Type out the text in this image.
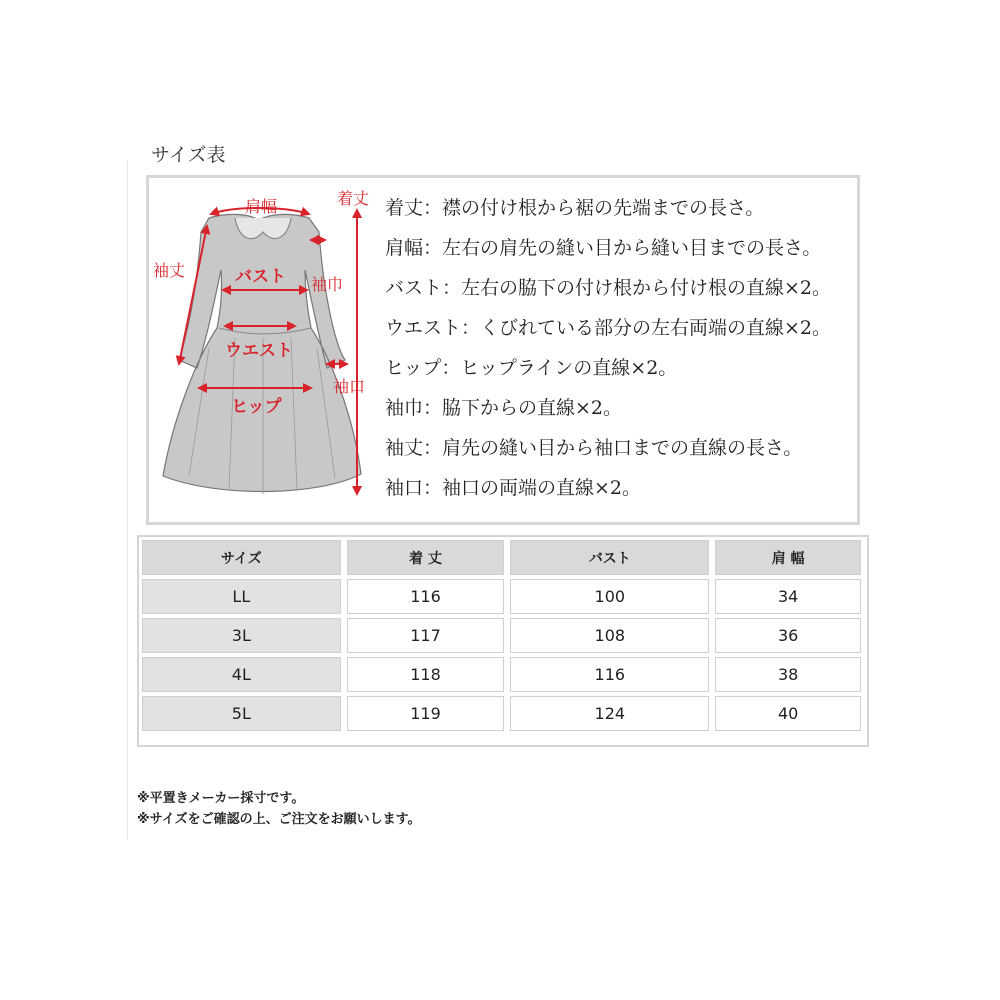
サイズ表
肩幅	着丈
袖丈
袖巾
袖口
バスト
ウエスト
ヒップ
着丈：襟の付け根から裾の先端までの長さ。
肩幅：左右の肩先の縫い目から縫い目までの長さ。
バスト：左右の脇下の付け根から付け根の直線×2。
ウエスト：くびれている部分の左右両端の直線×2。
ヒップ：ヒップラインの直線×2。
袖巾：脇下からの直線×2。
袖丈：肩先の縫い目から袖口までの直線の長さ。
袖口：袖口の両端の直線×2。
サイズ	着 丈	バスト	肩 幅
LL	116	100	34
3L	117	108	36
4L	118	116	38
5L	119	124	40
※平置きメーカー採寸です。
※サイズをご確認の上、ご注文をお願いします。
